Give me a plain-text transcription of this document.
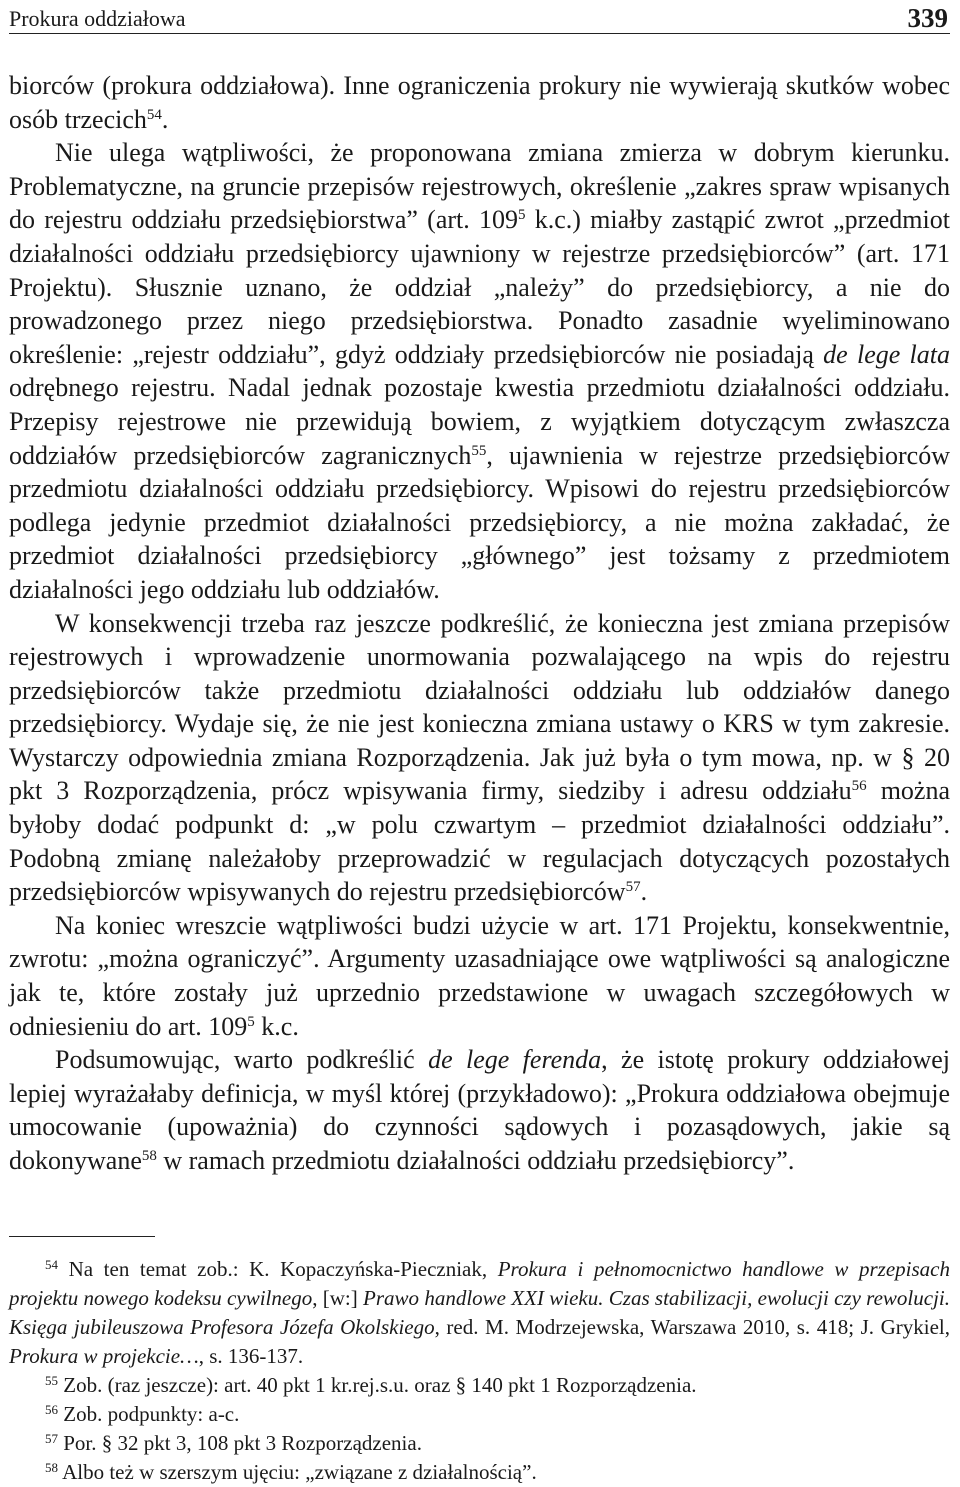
Prokura oddziałowa	339

biorców (prokura oddziałowa). Inne ograniczenia prokury nie wywierają skutków wobec osób trzecich$^{54}$.

Nie ulega wątpliwości, że proponowana zmiana zmierza w dobrym kierunku. Problematyczne, na gruncie przepisów rejestrowych, określenie „zakres spraw wpisanych do rejestru oddziału przedsiębiorstwa” (art. $109^5$ k.c.) miałby zastąpić zwrot „przedmiot działalności oddziału przedsiębiorcy ujawniony w rejestrze przedsiębiorców” (art. 171 Projektu). Słusznie uznano, że oddział „należy” do przedsiębiorcy, a nie do prowadzonego przez niego przedsiębiorstwa. Ponadto zasadnie wyeliminowano określenie: „rejestr oddziału”, gdyż oddziały przedsiębiorców nie posiadają de lege lata odrębnego rejestru. Nadal jednak pozostaje kwestia przedmiotu działalności oddziału. Przepisy rejestrowe nie przewidują bowiem, z wyjątkiem dotyczącym zwłaszcza oddziałów przedsiębiorców zagranicznych$^{55}$, ujawnienia w rejestrze przedsiębiorców przedmiotu działalności oddziału przedsiębiorcy. Wpisowi do rejestru przedsiębiorców podlega jedynie przedmiot działalności przedsiębiorcy, a nie można zakładać, że przedmiot działalności przedsiębiorcy „głównego” jest tożsamy z przedmiotem działalności jego oddziału lub oddziałów.

W konsekwencji trzeba raz jeszcze podkreślić, że konieczna jest zmiana przepisów rejestrowych i wprowadzenie unormowania pozwalającego na wpis do rejestru przedsiębiorców także przedmiotu działalności oddziału lub oddziałów danego przedsiębiorcy. Wydaje się, że nie jest konieczna zmiana ustawy o KRS w tym zakresie. Wystarczy odpowiednia zmiana Rozporządzenia. Jak już była o tym mowa, np. w § 20 pkt 3 Rozporządzenia, prócz wpisywania firmy, siedziby i adresu oddziału$^{56}$ można byłoby dodać podpunkt d: „w polu czwartym – przedmiot działalności oddziału”. Podobną zmianę należałoby przeprowadzić w regulacjach dotyczących pozostałych przedsiębiorców wpisywanych do rejestru przedsiębiorców$^{57}$.

Na koniec wreszcie wątpliwości budzi użycie w art. 171 Projektu, konsekwentnie, zwrotu: „można ograniczyć”. Argumenty uzasadniające owe wątpliwości są analogiczne jak te, które zostały już uprzednio przedstawione w uwagach szczegółowych w odniesieniu do art. $109^5$ k.c.

Podsumowując, warto podkreślić de lege ferenda, że istotę prokury oddziałowej lepiej wyrażałaby definicja, w myśl której (przykładowo): „Prokura oddziałowa obejmuje umocowanie (upoważnia) do czynności sądowych i pozasądowych, jakie są dokonywane$^{58}$ w ramach przedmiotu działalności oddziału przedsiębiorcy”.

$^{54}$ Na ten temat zob.: K. Kopaczyńska-Pieczniak, Prokura i pełnomocnictwo handlowe w przepisach projektu nowego kodeksu cywilnego, [w:] Prawo handlowe XXI wieku. Czas stabilizacji, ewolucji czy rewolucji. Księga jubileuszowa Profesora Józefa Okolskiego, red. M. Modrzejewska, Warszawa 2010, s. 418; J. Grykiel, Prokura w projekcie…, s. 136-137.

$^{55}$ Zob. (raz jeszcze): art. 40 pkt 1 kr.rej.s.u. oraz § 140 pkt 1 Rozporządzenia.

$^{56}$ Zob. podpunkty: a-c.

$^{57}$ Por. § 32 pkt 3, 108 pkt 3 Rozporządzenia.

$^{58}$ Albo też w szerszym ujęciu: „związane z działalnością”.
